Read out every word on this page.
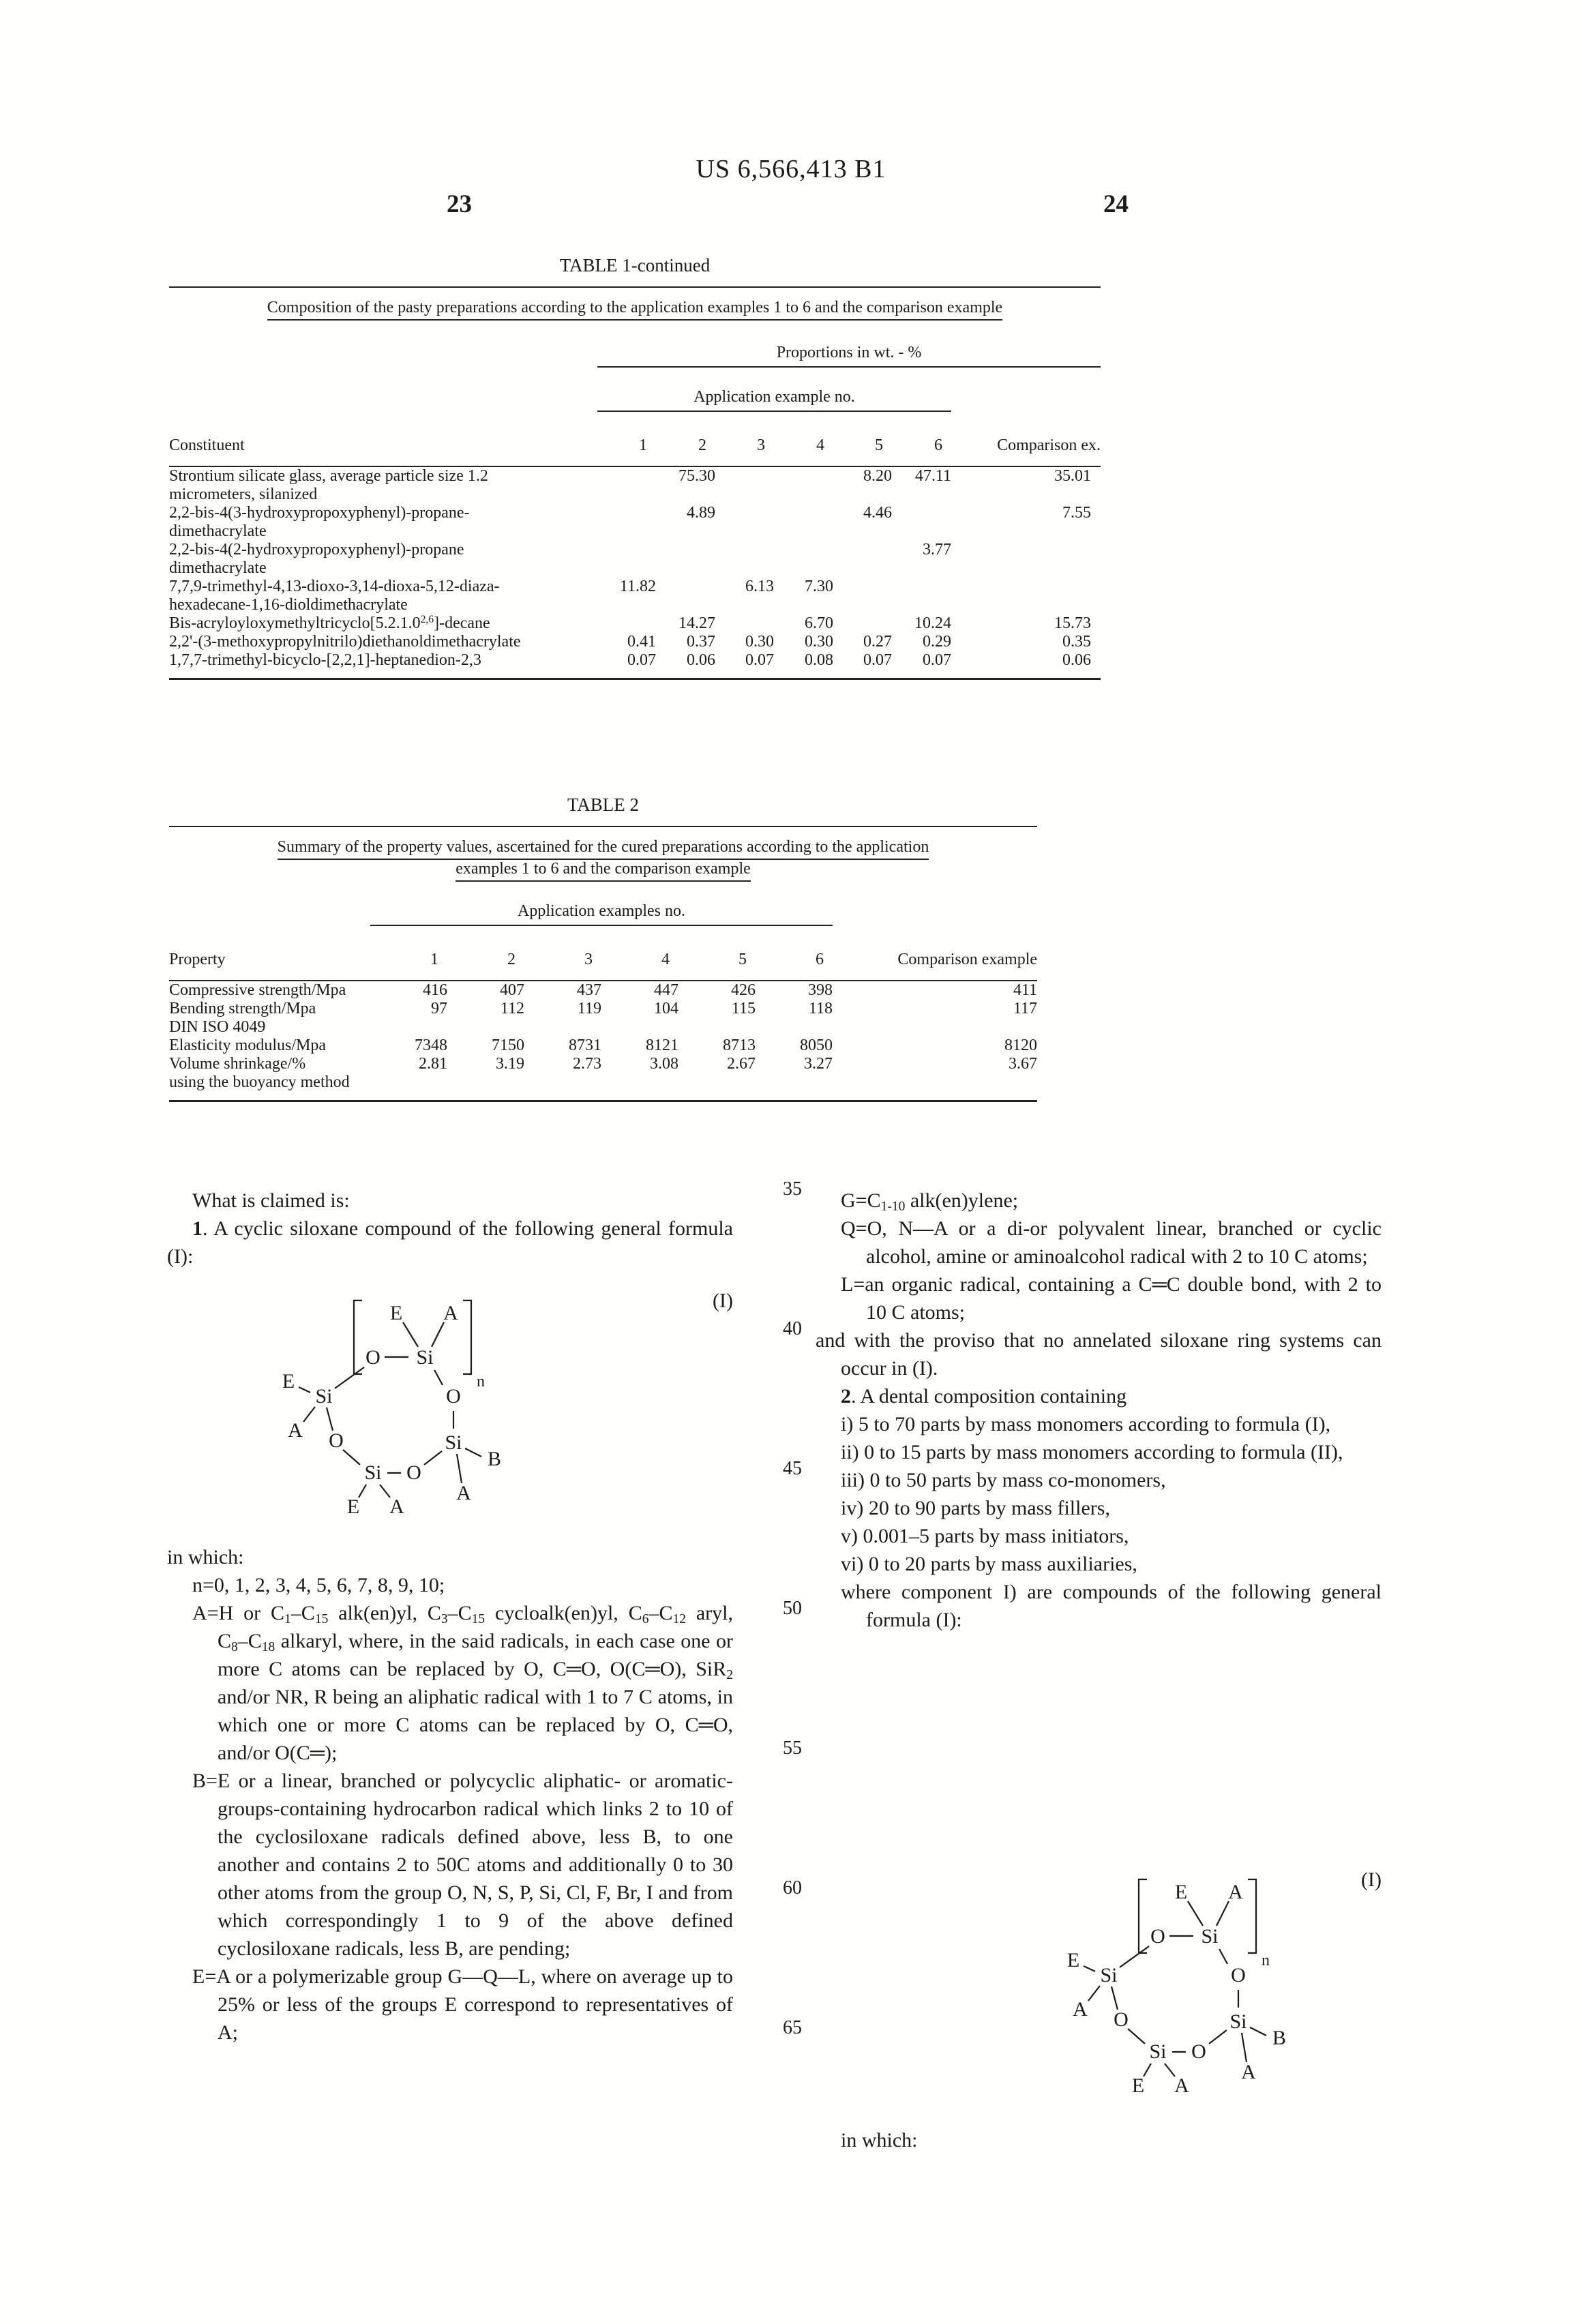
US 6,566,413 B1
23	24
TABLE 1-continued
Composition of the pasty preparations according to the application examples 1 to 6 and the comparison example

	Proportions in wt. - %						

	Application example no.						

Constituent	1	2	3	4	5	6	Comparison ex.
Strontium silicate glass, average particle size 1.2
micrometers, silanized		75.30			8.20	47.11	35.01
2,2-bis-4(3-hydroxypropoxyphenyl)-propane-
dimethacrylate		4.89			4.46		7.55
2,2-bis-4(2-hydroxypropoxyphenyl)-propane
dimethacrylate						3.77	
7,7,9-trimethyl-4,13-dioxo-3,14-dioxa-5,12-diaza-
hexadecane-1,16-dioldimethacrylate	11.82		6.13	7.30			
Bis-acryloyloxymethyltricyclo[5.2.1.0$^{2,6}$]-decane		14.27		6.70		10.24	15.73
2,2'-(3-methoxypropylnitrilo)diethanoldimethacrylate	0.41	0.37	0.30	0.30	0.27	0.29	0.35
1,7,7-trimethyl-bicyclo-[2,2,1]-heptanedion-2,3	0.07	0.06	0.07	0.08	0.07	0.07	0.06
TABLE 2
Summary of the property values, ascertained for the cured preparations according to the application
examples 1 to 6 and the comparison example

	Application examples no.						

Property	1	2	3	4	5	6	Comparison example
Compressive strength/Mpa	416	407	437	447	426	398	411
Bending strength/Mpa	97	112	119	104	115	118	117
DIN ISO 4049							
Elasticity modulus/Mpa	7348	7150	8731	8121	8713	8050	8120
Volume shrinkage/%	2.81	3.19	2.73	3.08	2.67	3.27	3.67
using the buoyancy method							

What is claimed is:

1. A cyclic siloxane compound of the following general formula (I):

(I)
E A
O Si
E
Si
A O
Si O
E A
Si
B
A
O
n

in which:

n=0, 1, 2, 3, 4, 5, 6, 7, 8, 9, 10;

A=H or $C_1-C_{15}$ alk(en)yl, $C_3-C_{15}$ cycloalk(en)yl, $C_6-C_{12}$ aryl, $C_8-C_{18}$ alkaryl, where, in the said radicals, in each case one or more C atoms can be replaced by O, C═O, O(C═O), SiR$_2$ and/or NR, R being an aliphatic radical with 1 to 7 C atoms, in which one or more C atoms can be replaced by O, C═O, and/or O(C═);

B=E or a linear, branched or polycyclic aliphatic- or aromatic-groups-containing hydrocarbon radical which links 2 to 10 of the cyclosiloxane radicals defined above, less B, to one another and contains 2 to 50C atoms and additionally 0 to 30 other atoms from the group O, N, S, P, Si, Cl, F, Br, I and from which correspondingly 1 to 9 of the above defined cyclosiloxane radicals, less B, are pending;

E=A or a polymerizable group G—Q—L, where on average up to 25% or less of the groups E correspond to representatives of A;

$G=C_{1-10}$ alk(en)ylene;

Q=O, N—A or a di-or polyvalent linear, branched or cyclic alcohol, amine or aminoalcohol radical with 2 to 10 C atoms;

L=an organic radical, containing a C═C double bond, with 2 to 10 C atoms;

and with the proviso that no annelated siloxane ring systems can occur in (I).

2. A dental composition containing

i) 5 to 70 parts by mass monomers according to formula (I),

ii) 0 to 15 parts by mass monomers according to formula (II),

iii) 0 to 50 parts by mass co-monomers,

iv) 20 to 90 parts by mass fillers,

v) 0.001–5 parts by mass initiators,

vi) 0 to 20 parts by mass auxiliaries,

where component I) are compounds of the following general formula (I):

(I)
E A
O Si
E
Si
A O
Si O
E A
Si
B
A
O
n

in which:

35
40
45
50
55
60
65
